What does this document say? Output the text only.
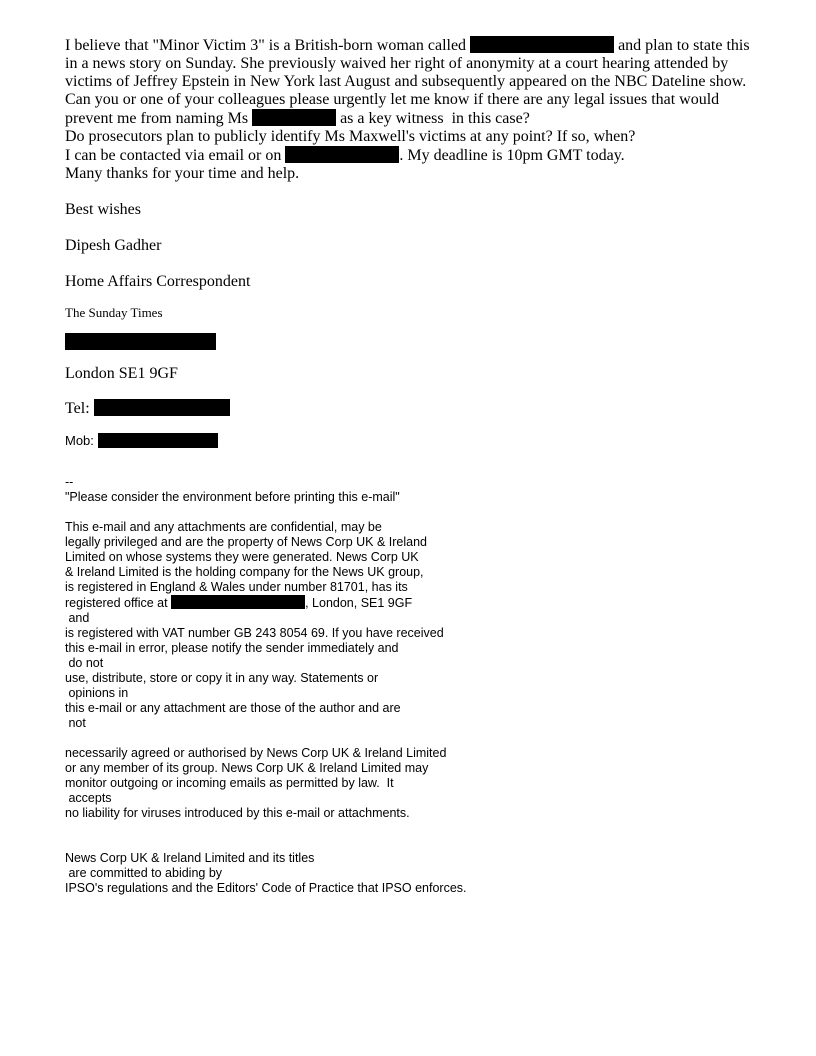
I believe that "Minor Victim 3" is a British-born woman called	and plan to state this
in a news story on Sunday. She previously waived her right of anonymity at a court hearing attended by
victims of Jeffrey Epstein in New York last August and subsequently appeared on the NBC Dateline show.
Can you or one of your colleagues please urgently let me know if there are any legal issues that would
prevent me from naming Ms	as a key witness  in this case?
Do prosecutors plan to publicly identify Ms Maxwell's victims at any point? If so, when?
I can be contacted via email or on	. My deadline is 10pm GMT today.
Many thanks for your time and help.
Best wishes
Dipesh Gadher
Home Affairs Correspondent
The Sunday Times
London SE1 9GF
Tel:
Mob:
--
"Please consider the environment before printing this e-mail"
This e-mail and any attachments are confidential, may be
legally privileged and are the property of News Corp UK & Ireland
Limited on whose systems they were generated. News Corp UK
& Ireland Limited is the holding company for the News UK group,
is registered in England & Wales under number 81701, has its
registered office at	, London, SE1 9GF
and
is registered with VAT number GB 243 8054 69. If you have received
this e-mail in error, please notify the sender immediately and
do not
use, distribute, store or copy it in any way. Statements or
opinions in
this e-mail or any attachment are those of the author and are
not
necessarily agreed or authorised by News Corp UK & Ireland Limited
or any member of its group. News Corp UK & Ireland Limited may
monitor outgoing or incoming emails as permitted by law.  It
accepts
no liability for viruses introduced by this e-mail or attachments.
News Corp UK & Ireland Limited and its titles
are committed to abiding by
IPSO's regulations and the Editors' Code of Practice that IPSO enforces.
